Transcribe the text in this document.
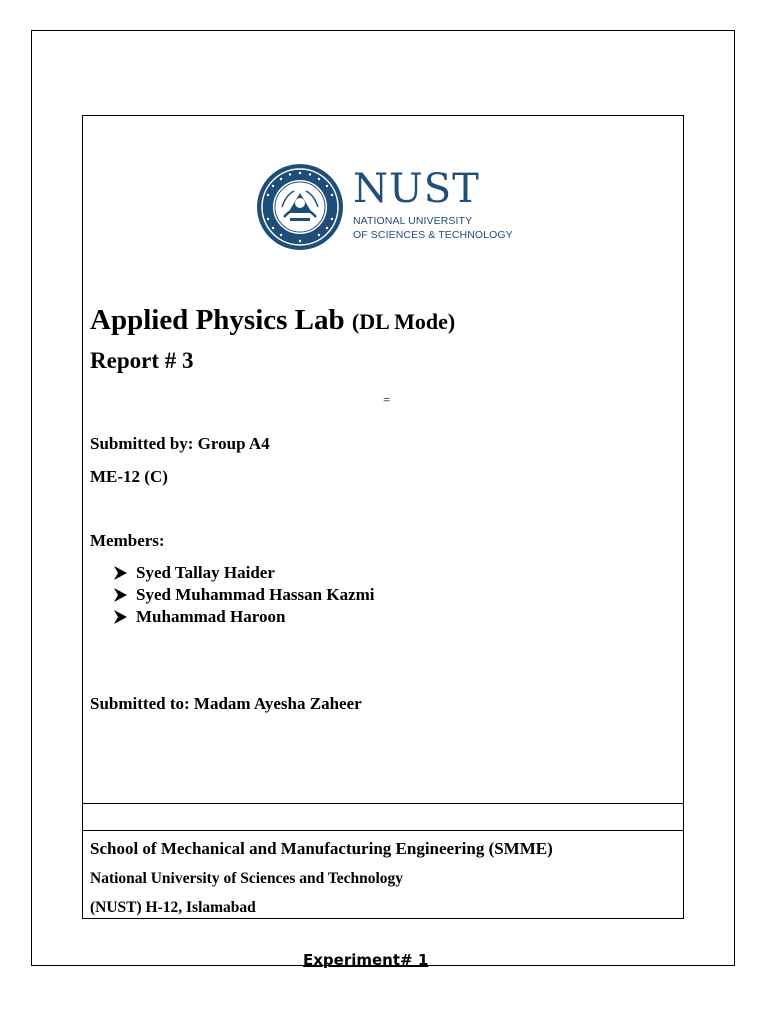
NUST
NATIONAL UNIVERSITY
OF SCIENCES & TECHNOLOGY
Applied Physics Lab (DL Mode)
Report # 3
=
Submitted by: Group A4
ME-12 (C)
Members:
Syed Tallay Haider
Syed Muhammad Hassan Kazmi
Muhammad Haroon
Submitted to: Madam Ayesha Zaheer
School of Mechanical and Manufacturing Engineering (SMME)
National University of Sciences and Technology
(NUST) H-12, Islamabad
Experiment# 1
